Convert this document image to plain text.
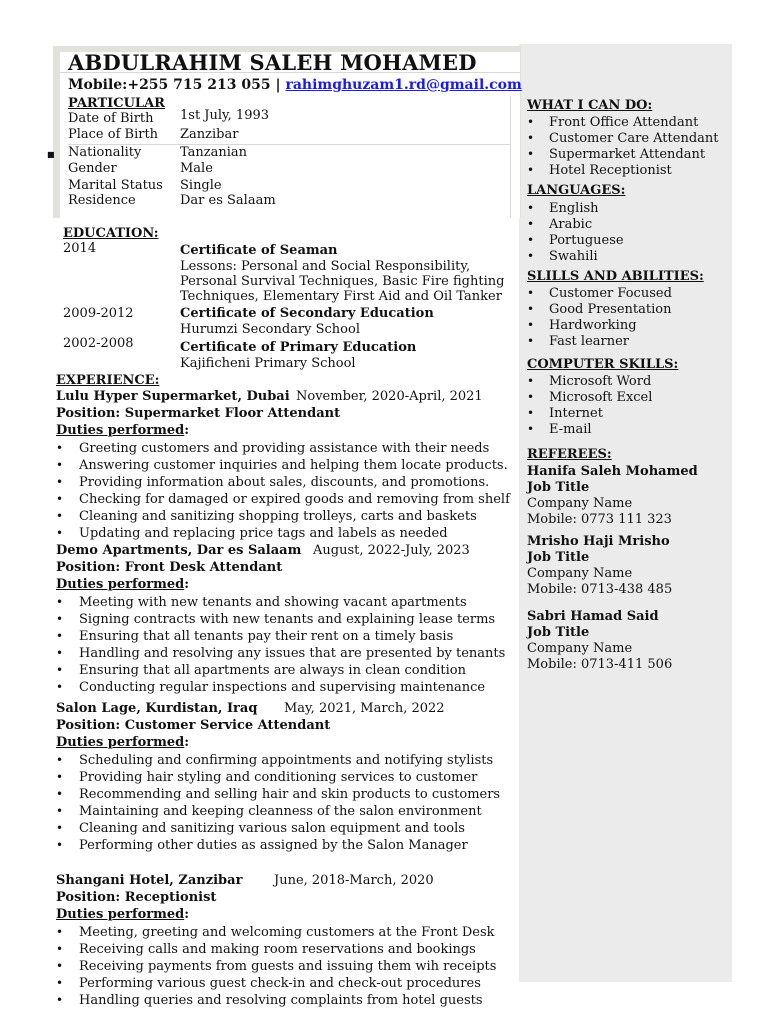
■
ABDULRAHIM SALEH MOHAMED
Mobile:+255 715 213 055 | rahimghuzam1.rd@gmail.com
PARTICULAR
Date of Birth 1st July, 1993
Place of Birth Zanzibar
Nationality	Tanzanian
Gender	Male
Marital Status Single
Residence	Dar es Salaam
EDUCATION:
2014	Certificate of Seaman
Lessons: Personal and Social Responsibility,
Personal Survival Techniques, Basic Fire fighting
Techniques, Elementary First Aid and Oil Tanker
2009-2012	Certificate of Secondary Education
Hurumzi Secondary School
2002-2008	Certificate of Primary Education
Kajificheni Primary School
EXPERIENCE:
Lulu Hyper Supermarket, Dubai November, 2020-April, 2021
Position: Supermarket Floor Attendant
Duties performed:
• Greeting customers and providing assistance with their needs
• Answering customer inquiries and helping them locate products.
• Providing information about sales, discounts, and promotions.
• Checking for damaged or expired goods and removing from shelf
• Cleaning and sanitizing shopping trolleys, carts and baskets
• Updating and replacing price tags and labels as needed
Demo Apartments, Dar es Salaam August, 2022-July, 2023
Position: Front Desk Attendant
Duties performed:
• Meeting with new tenants and showing vacant apartments
• Signing contracts with new tenants and explaining lease terms
• Ensuring that all tenants pay their rent on a timely basis
• Handling and resolving any issues that are presented by tenants
• Ensuring that all apartments are always in clean condition
• Conducting regular inspections and supervising maintenance
Salon Lage, Kurdistan, Iraq May, 2021, March, 2022
Position: Customer Service Attendant
Duties performed:
• Scheduling and confirming appointments and notifying stylists
• Providing hair styling and conditioning services to customer
• Recommending and selling hair and skin products to customers
• Maintaining and keeping cleanness of the salon environment
• Cleaning and sanitizing various salon equipment and tools
• Performing other duties as assigned by the Salon Manager
Shangani Hotel, Zanzibar June, 2018-March, 2020
Position: Receptionist
Duties performed:
• Meeting, greeting and welcoming customers at the Front Desk
• Receiving calls and making room reservations and bookings
• Receiving payments from guests and issuing them wih receipts
• Performing various guest check-in and check-out procedures
• Handling queries and resolving complaints from hotel guests
WHAT I CAN DO:
• Front Office Attendant
• Customer Care Attendant
• Supermarket Attendant
• Hotel Receptionist
LANGUAGES:
• English
• Arabic
• Portuguese
• Swahili
SLILLS AND ABILITIES:
• Customer Focused
• Good Presentation
• Hardworking
• Fast learner
COMPUTER SKILLS:
• Microsoft Word
• Microsoft Excel
• Internet
• E-mail
REFEREES:
Hanifa Saleh Mohamed
Job Title
Company Name
Mobile: 0773 111 323
Mrisho Haji Mrisho
Job Title
Company Name
Mobile: 0713-438 485
Sabri Hamad Said
Job Title
Company Name
Mobile: 0713-411 506
